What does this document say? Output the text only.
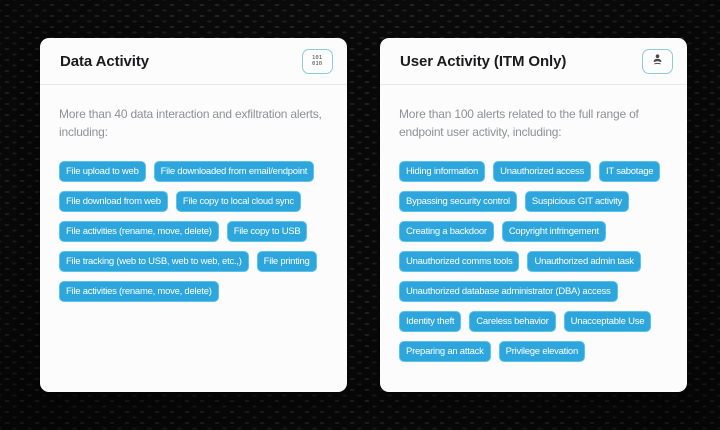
Data Activity	101
010

More than 40 data interaction and exfiltration alerts, including:

File upload to web	File downloaded from email/endpoint
File download from web	File copy to local cloud sync
File activities (rename, move, delete)	File copy to USB
File tracking (web to USB, web to web, etc.,)	File printing
File activities (rename, move, delete)
User Activity (ITM Only)

More than 100 alerts related to the full range of endpoint user activity, including:

Hiding information	Unauthorized access	IT sabotage
Bypassing security control	Suspicious GIT activity
Creating a backdoor	Copyright infringement
Unauthorized comms tools	Unauthorized admin task
Unauthorized database administrator (DBA) access
Identity theft	Careless behavior	Unacceptable Use
Preparing an attack	Privilege elevation
